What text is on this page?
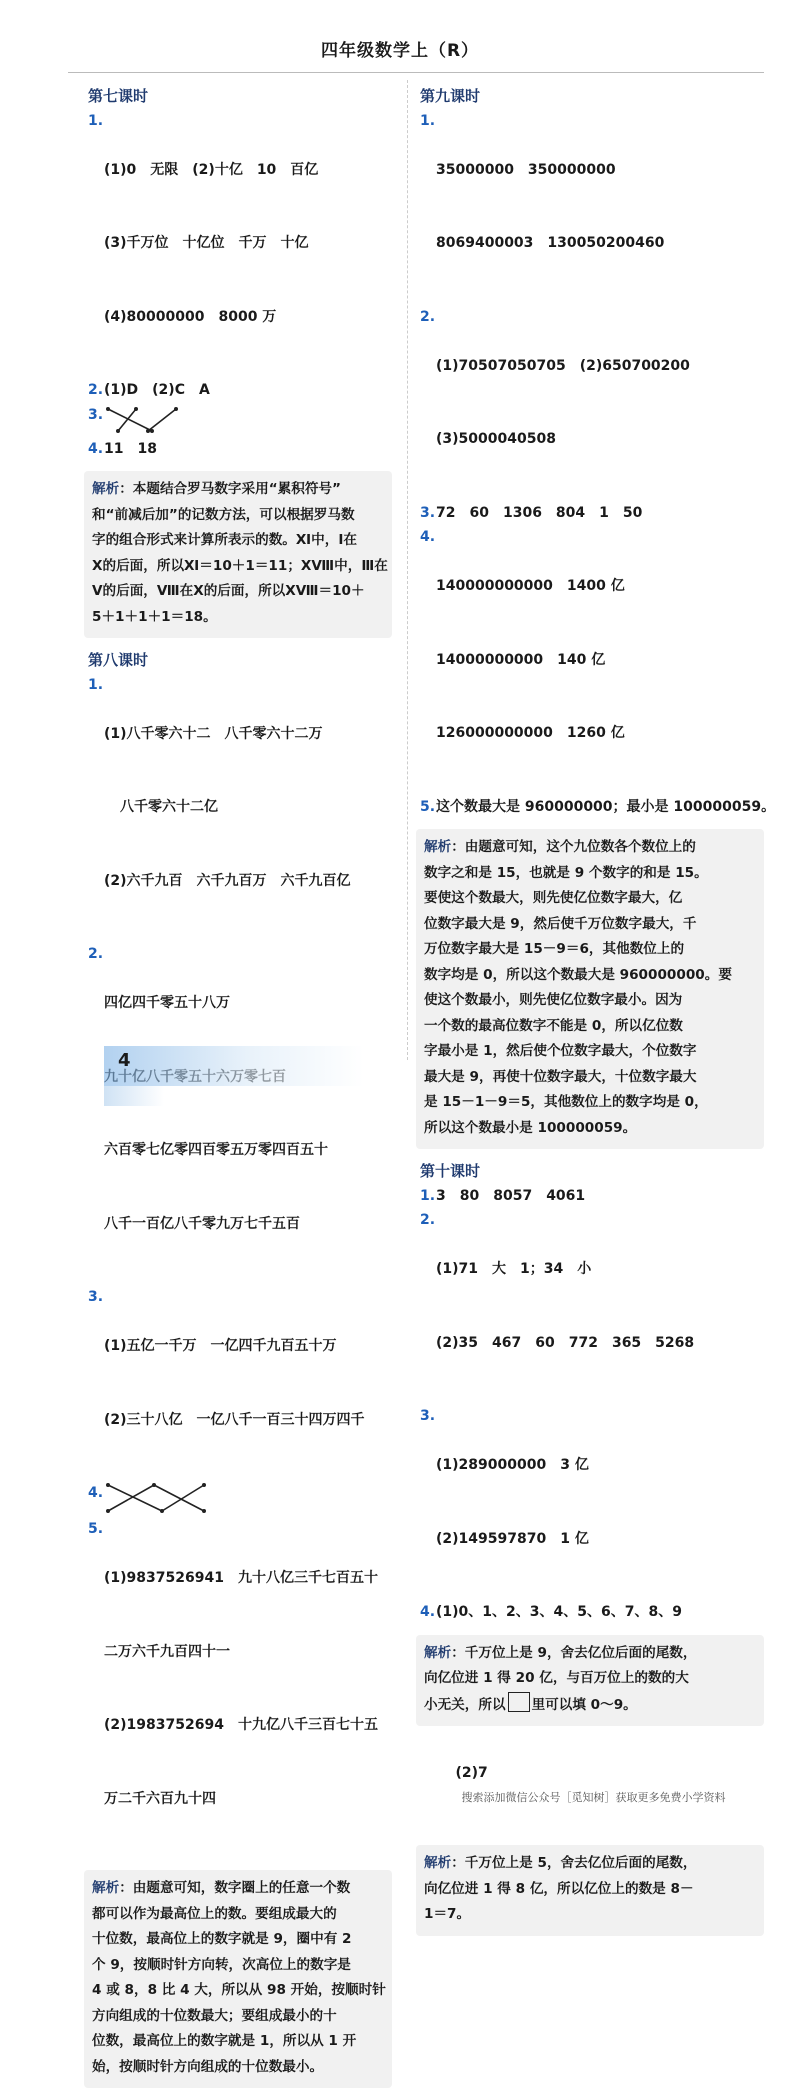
四年级数学上（R）
第七课时
1.

(1)0　无限　(2)十亿　10　百亿

(3)千万位　十亿位　千万　十亿

(4)80000000　8000 万

2. (1)D　(2)C　A
3.
4. 11　18
解析：本题结合罗马数字采用“累积符号”
和“前减后加”的记数方法，可以根据罗马数
字的组合形式来计算所表示的数。Ⅺ中，Ⅰ在
Ⅹ的后面，所以Ⅺ＝10＋1＝11；ⅩⅧ中，Ⅲ在
Ⅴ的后面，Ⅷ在Ⅹ的后面，所以ⅩⅧ＝10＋
5＋1＋1＋1＝18。
第八课时
1.

(1)八千零六十二　八千零六十二万

八千零六十二亿

(2)六千九百　六千九百万　六千九百亿

2.

四亿四千零五十八万

六百零七亿零四百零五万零四百五十

八千一百亿八千零九万七千五百

3.

(1)五亿一千万　一亿四千九百五十万

(2)三十八亿　一亿八千一百三十四万四千

4.
5.

(1)9837526941　九十八亿三千七百五十

二万六千九百四十一

(2)1983752694　十九亿八千三百七十五

万二千六百九十四

解析：由题意可知，数字圈上的任意一个数
都可以作为最高位上的数。要组成最大的
十位数，最高位上的数字就是 9，圈中有 2
个 9，按顺时针方向转，次高位上的数字是
4 或 8，8 比 4 大，所以从 98 开始，按顺时针
方向组成的十位数最大；要组成最小的十
位数，最高位上的数字就是 1，所以从 1 开
始，按顺时针方向组成的十位数最小。
第九课时
1.

35000000　350000000

8069400003　130050200460

2.

(1)70507050705　(2)650700200

(3)5000040508

3. 72　60　1306　804　1　50
4.

140000000000　1400 亿

14000000000　140 亿

126000000000　1260 亿

5. 这个数最大是 960000000；最小是 100000059。
解析：由题意可知，这个九位数各个数位上的
数字之和是 15，也就是 9 个数字的和是 15。
要使这个数最大，则先使亿位数字最大，亿
位数字最大是 9，然后使千万位数字最大，千
万位数字最大是 15－9＝6，其他数位上的
数字均是 0，所以这个数最大是 960000000。要
使这个数最小，则先使亿位数字最小。因为
一个数的最高位数字不能是 0，所以亿位数
字最小是 1，然后使个位数字最大，个位数字
最大是 9，再使十位数字最大，十位数字最大
是 15－1－9＝5，其他数位上的数字均是 0，
所以这个数最小是 100000059。
第十课时
1. 3　80　8057　4061
2.

(1)71　大　1；34　小

(2)35　467　60　772　365　5268

3.

(1)289000000　3 亿

(2)149597870　1 亿

4. (1)0、1、2、3、4、5、6、7、8、9
解析：千万位上是 9，舍去亿位后面的尾数，
向亿位进 1 得 20 亿，与百万位上的数的大
小无关，所以 里可以填 0～9。

(2)7
搜索添加微信公众号［觅知树］获取更多免费小学资料

解析：千万位上是 5，舍去亿位后面的尾数，
向亿位进 1 得 8 亿，所以亿位上的数是 8－
1＝7。
4
